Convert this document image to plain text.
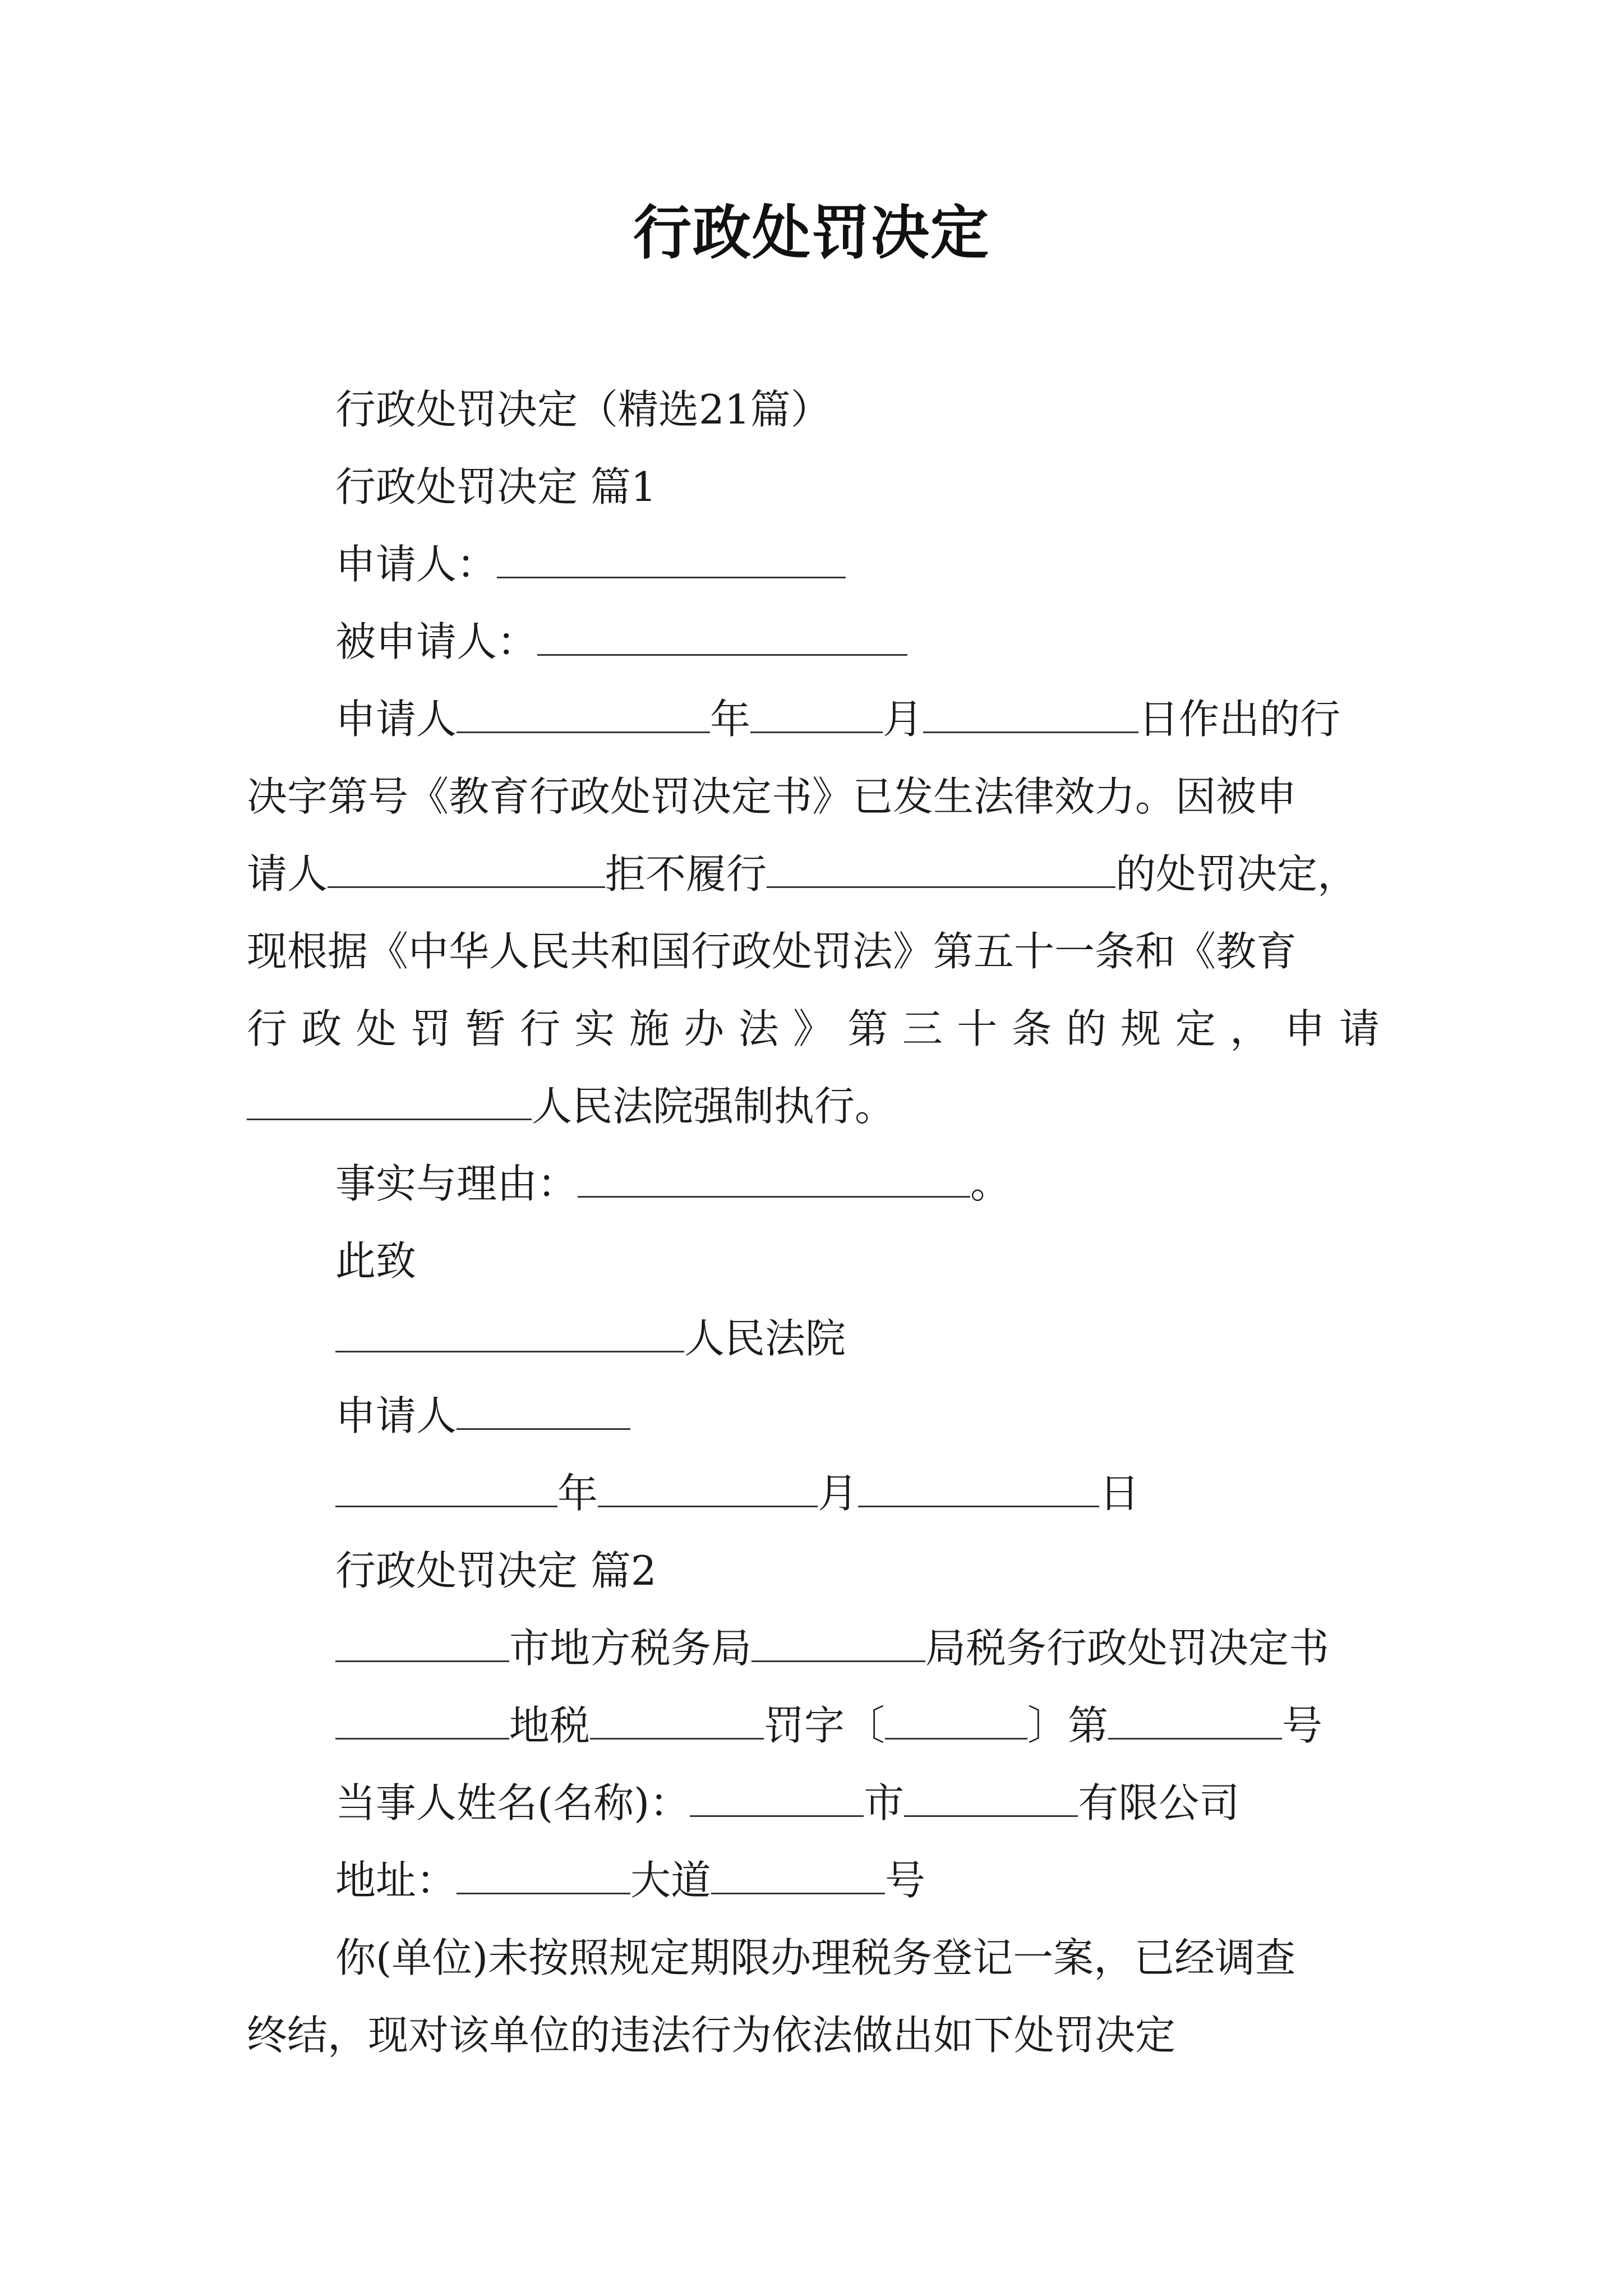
行政处罚决定
行政处罚决定（精选21篇）
行政处罚决定 篇1
申请人：
被申请人：
申请人	年	月	日作出的行
决字第号《教育行政处罚决定书》已发生法律效力。因被申
请人	拒不履行	的处罚决定，
现根据《中华人民共和国行政处罚法》第五十一条和《教育
行政处罚暂行实施办法》第三十条的规定，申请
人民法院强制执行。
事实与理由：	。
此致
人民法院
申请人
年	月	日
行政处罚决定 篇2
市地方税务局	局税务行政处罚决定书
地税	罚字〔	〕第	号
当事人姓名(名称)：	市	有限公司
地址：	大道	号
你(单位)未按照规定期限办理税务登记一案，已经调查
终结，现对该单位的违法行为依法做出如下处罚决定
